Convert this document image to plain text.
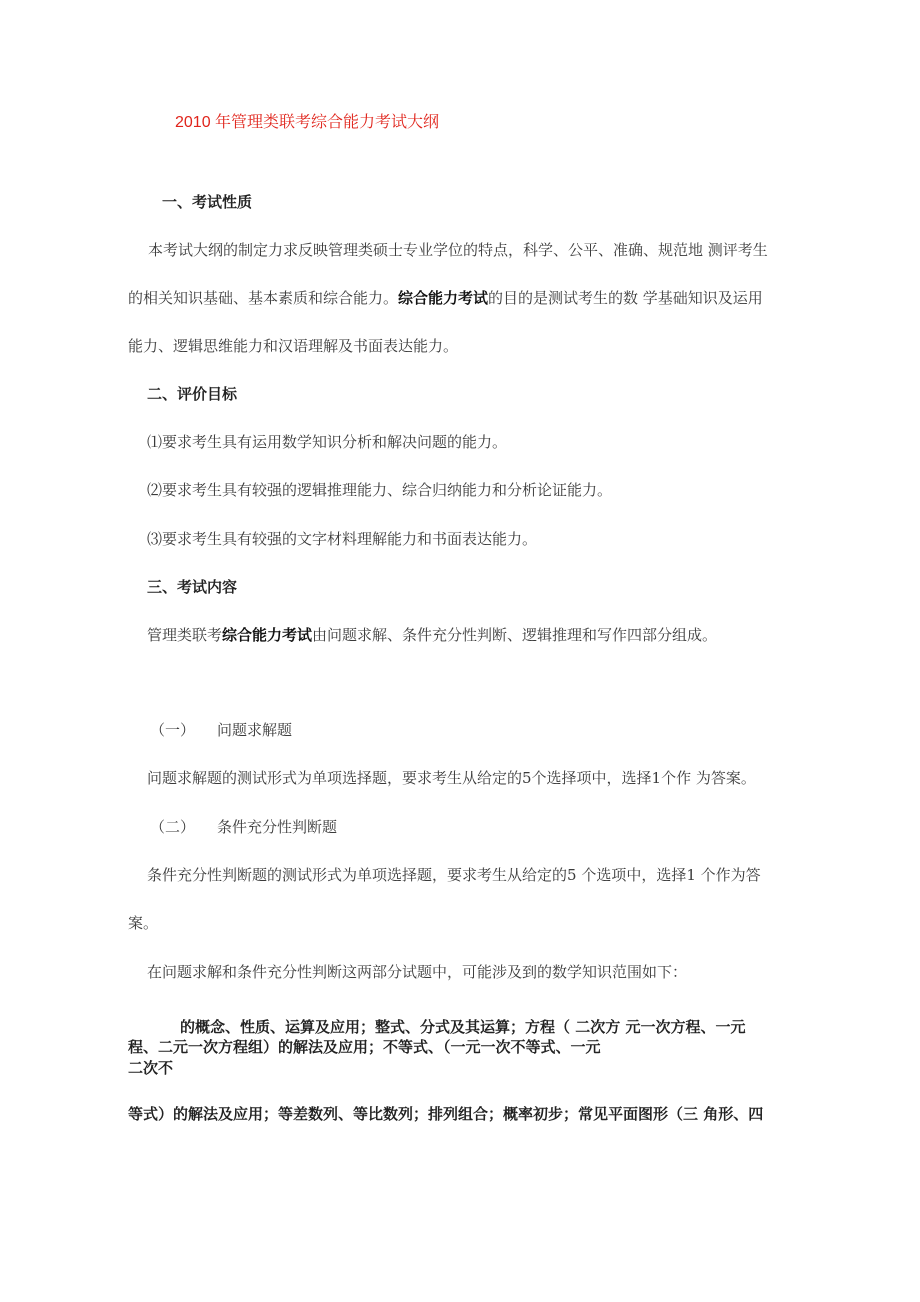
2010 年管理类联考综合能力考试大纲
一、考试性质
本考试大纲的制定力求反映管理类硕士专业学位的特点，科学、公平、准确、规范地 测评考生
的相关知识基础、基本素质和综合能力。综合能力考试的目的是测试考生的数 学基础知识及运用
能力、逻辑思维能力和汉语理解及书面表达能力。
二、评价目标
⑴要求考生具有运用数学知识分析和解决问题的能力。
⑵要求考生具有较强的逻辑推理能力、综合归纳能力和分析论证能力。
⑶要求考生具有较强的文字材料理解能力和书面表达能力。
三、考试内容
管理类联考综合能力考试由问题求解、条件充分性判断、逻辑推理和写作四部分组成。
（一） 问题求解题
问题求解题的测试形式为单项选择题，要求考生从给定的5个选择项中，选择1个作 为答案。
（二） 条件充分性判断题
条件充分性判断题的测试形式为单项选择题，要求考生从给定的5 个选项中，选择1 个作为答
案。
在问题求解和条件充分性判断这两部分试题中，可能涉及到的数学知识范围如下：
的概念、性质、运算及应用；整式、分式及其运算；方程（ 二次方 元一次方程、一元
程、二元一次方程组）的解法及应用；不等式、（一元一次不等式、一元
二次不
等式）的解法及应用；等差数列、等比数列；排列组合；概率初步；常见平面图形（三 角形、四
